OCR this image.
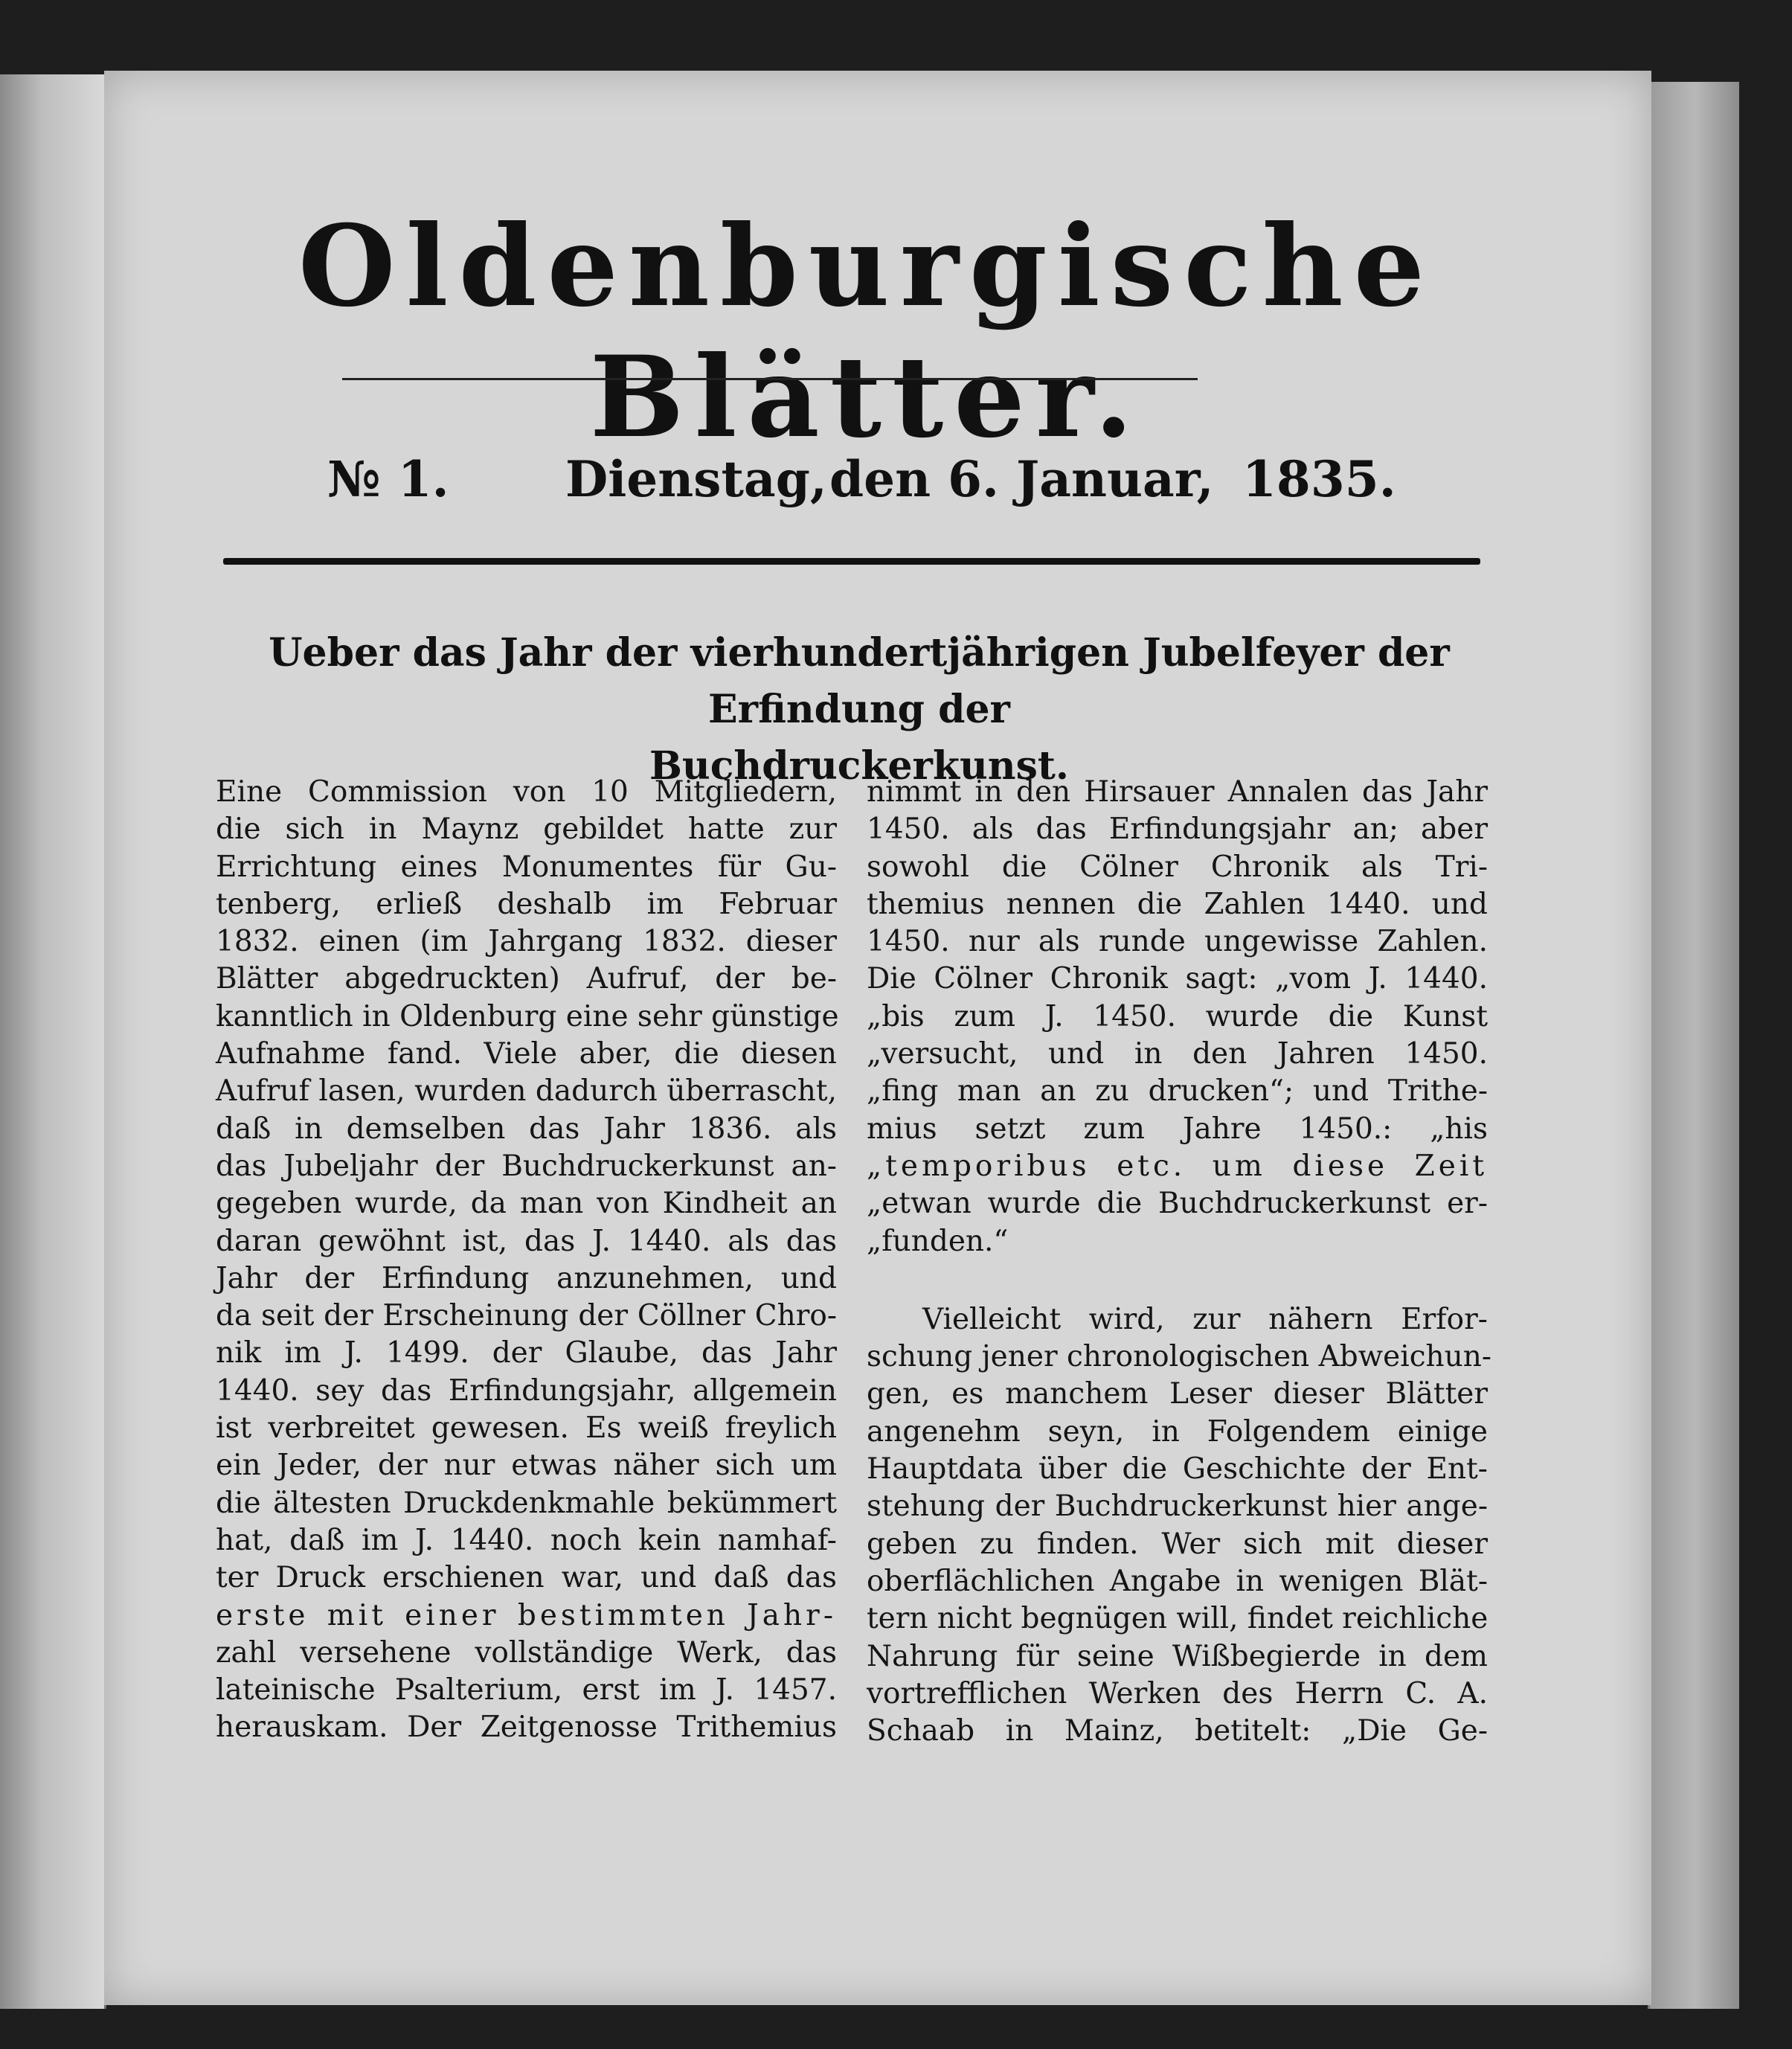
Oldenburgische Blätter.
№ 1. Dienstag, den 6. Januar, 1835.
Ueber das Jahr der vierhundertjährigen Jubelfeyer der Erfindung der
Buchdruckerkunst.
Eine Commission von 10 Mitgliedern,
die sich in Maynz gebildet hatte zur
Errichtung eines Monumentes für Gu-
tenberg, erließ deshalb im Februar
1832. einen (im Jahrgang 1832. dieser
Blätter abgedruckten) Aufruf, der be-
kanntlich in Oldenburg eine sehr günstige
Aufnahme fand. Viele aber, die diesen
Aufruf lasen, wurden dadurch überrascht,
daß in demselben das Jahr 1836. als
das Jubeljahr der Buchdruckerkunst an-
gegeben wurde, da man von Kindheit an
daran gewöhnt ist, das J. 1440. als das
Jahr der Erfindung anzunehmen, und
da seit der Erscheinung der Cöllner Chro-
nik im J. 1499. der Glaube, das Jahr
1440. sey das Erfindungsjahr, allgemein
ist verbreitet gewesen. Es weiß freylich
ein Jeder, der nur etwas näher sich um
die ältesten Druckdenkmahle bekümmert
hat, daß im J. 1440. noch kein namhaf-
ter Druck erschienen war, und daß das
erste mit einer bestimmten Jahr-
zahl versehene vollständige Werk, das
lateinische Psalterium, erst im J. 1457.
herauskam. Der Zeitgenosse Trithemius
nimmt in den Hirsauer Annalen das Jahr
1450. als das Erfindungsjahr an; aber
sowohl die Cölner Chronik als Tri-
themius nennen die Zahlen 1440. und
1450. nur als runde ungewisse Zahlen.
Die Cölner Chronik sagt: „vom J. 1440.
„bis zum J. 1450. wurde die Kunst
„versucht, und in den Jahren 1450.
„fing man an zu drucken“; und Trithe-
mius setzt zum Jahre 1450.: „his
„temporibus etc. um diese Zeit
„etwan wurde die Buchdruckerkunst er-
„funden.“
Vielleicht wird, zur nähern Erfor-
schung jener chronologischen Abweichun-
gen, es manchem Leser dieser Blätter
angenehm seyn, in Folgendem einige
Hauptdata über die Geschichte der Ent-
stehung der Buchdruckerkunst hier ange-
geben zu finden. Wer sich mit dieser
oberflächlichen Angabe in wenigen Blät-
tern nicht begnügen will, findet reichliche
Nahrung für seine Wißbegierde in dem
vortrefflichen Werken des Herrn C. A.
Schaab in Mainz, betitelt: „Die Ge-
